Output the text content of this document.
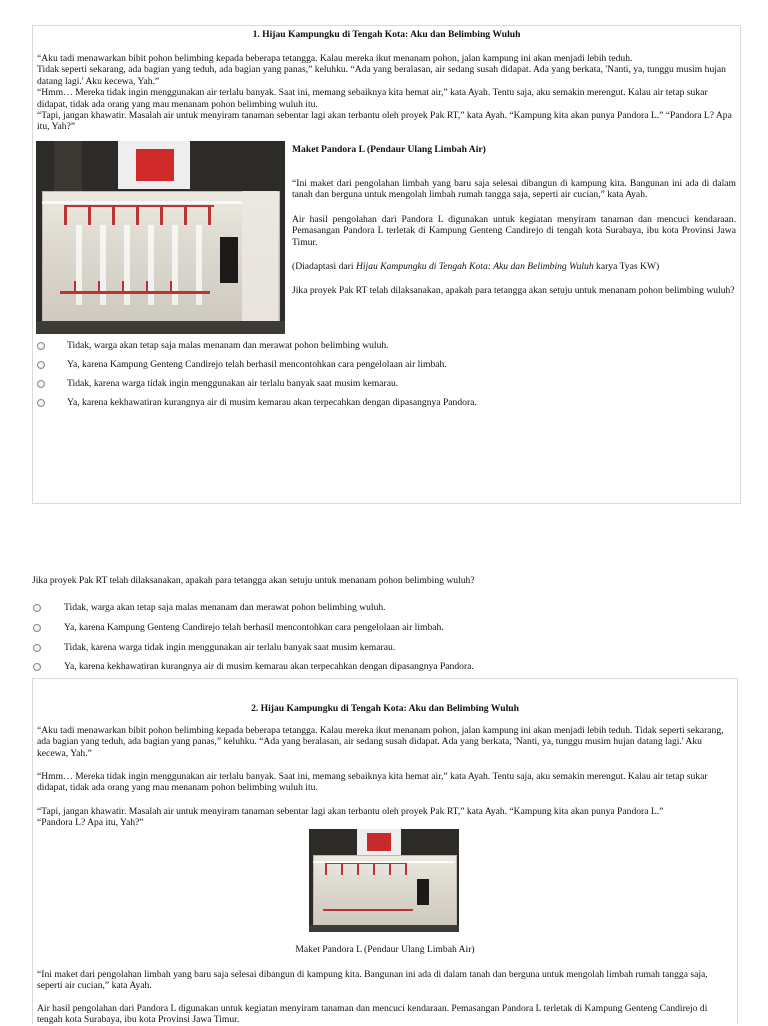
1. Hijau Kampungku di Tengah Kota: Aku dan Belimbing Wuluh
“Aku tadi menawarkan bibit pohon belimbing kepada beberapa tetangga. Kalau mereka ikut menanam pohon, jalan kampung ini akan menjadi lebih teduh.
Tidak seperti sekarang, ada bagian yang teduh, ada bagian yang panas,” keluhku. “Ada yang beralasan, air sedang susah didapat. Ada yang berkata, 'Nanti, ya, tunggu musim hujan datang lagi.' Aku kecewa, Yah.”
“Hmm… Mereka tidak ingin menggunakan air terlalu banyak. Saat ini, memang sebaiknya kita hemat air,” kata Ayah. Tentu saja, aku semakin merengut. Kalau air tetap sukar didapat, tidak ada orang yang mau menanam pohon belimbing wuluh itu.
“Tapi, jangan khawatir. Masalah air untuk menyiram tanaman sebentar lagi akan terbantu oleh proyek Pak RT,” kata Ayah. “Kampung kita akan punya Pandora L.” “Pandora L? Apa itu, Yah?”
Maket Pandora L (Pendaur Ulang Limbah Air)
“Ini maket dari pengolahan limbah yang baru saja selesai dibangun di kampung kita. Bangunan ini ada di dalam tanah dan berguna untuk mengolah limbah rumah tangga saja, seperti air cucian,” kata Ayah.
Air hasil pengolahan dari Pandora L digunakan untuk kegiatan menyiram tanaman dan mencuci kendaraan. Pemasangan Pandora L terletak di Kampung Genteng Candirejo di tengah kota Surabaya, ibu kota Provinsi Jawa Timur.
(Diadaptasi dari Hijau Kampungku di Tengah Kota: Aku dan Belimbing Wuluh karya Tyas KW)
Jika proyek Pak RT telah dilaksanakan, apakah para tetangga akan setuju untuk menanam pohon belimbing wuluh?
Tidak, warga akan tetap saja malas menanam dan merawat pohon belimbing wuluh.
Ya, karena Kampung Genteng Candirejo telah berhasil mencontohkan cara pengelolaan air limbah.
Tidak, karena warga tidak ingin menggunakan air terlalu banyak saat musim kemarau.
Ya, karena kekhawatiran kurangnya air di musim kemarau akan terpecahkan dengan dipasangnya Pandora.
Jika proyek Pak RT telah dilaksanakan, apakah para tetangga akan setuju untuk menanam pohon belimbing wuluh?
Tidak, warga akan tetap saja malas menanam dan merawat pohon belimbing wuluh.
Ya, karena Kampung Genteng Candirejo telah berhasil mencontohkan cara pengelolaan air limbah.
Tidak, karena warga tidak ingin menggunakan air terlalu banyak saat musim kemarau.
Ya, karena kekhawatiran kurangnya air di musim kemarau akan terpecahkan dengan dipasangnya Pandora.
2. Hijau Kampungku di Tengah Kota: Aku dan Belimbing Wuluh
“Aku tadi menawarkan bibit pohon belimbing kepada beberapa tetangga. Kalau mereka ikut menanam pohon, jalan kampung ini akan menjadi lebih teduh. Tidak seperti sekarang, ada bagian yang teduh, ada bagian yang panas,” keluhku. “Ada yang beralasan, air sedang susah didapat. Ada yang berkata, 'Nanti, ya, tunggu musim hujan datang lagi.' Aku kecewa, Yah.”
“Hmm… Mereka tidak ingin menggunakan air terlalu banyak. Saat ini, memang sebaiknya kita hemat air,” kata Ayah. Tentu saja, aku semakin merengut. Kalau air tetap sukar didapat, tidak ada orang yang mau menanam pohon belimbing wuluh itu.
“Tapi, jangan khawatir. Masalah air untuk menyiram tanaman sebentar lagi akan terbantu oleh proyek Pak RT,” kata Ayah. “Kampung kita akan punya Pandora L.”
“Pandora L? Apa itu, Yah?”
Maket Pandora L (Pendaur Ulang Limbah Air)
“Ini maket dari pengolahan limbah yang baru saja selesai dibangun di kampung kita. Bangunan ini ada di dalam tanah dan berguna untuk mengolah limbah rumah tangga saja, seperti air cucian,” kata Ayah.
Air hasil pengolahan dari Pandora L digunakan untuk kegiatan menyiram tanaman dan mencuci kendaraan. Pemasangan Pandora L terletak di Kampung Genteng Candirejo di tengah kota Surabaya, ibu kota Provinsi Jawa Timur.
